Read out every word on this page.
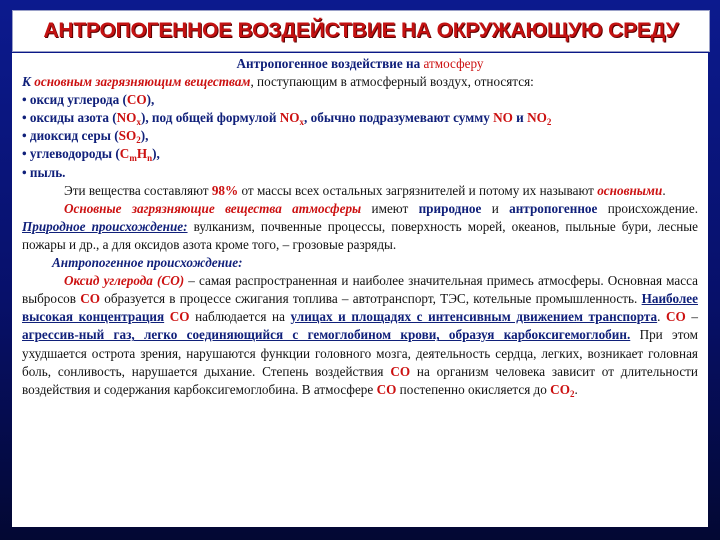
АНТРОПОГЕННОЕ ВОЗДЕЙСТВИЕ НА ОКРУЖАЮЩУЮ СРЕДУ

Антропогенное воздействие на атмосферу

К основным загрязняющим веществам, поступающим в атмосферный воздух, относятся:

• оксид углерода (CO),

• оксиды азота $(NO_x)$, под общей формулой $NO_x$, обычно подразумевают сумму NO и $NO_2$

• диоксид серы $(SO_2)$,

• углеводороды $(C_mH_n)$,

• пыль.

Эти вещества составляют 98% от массы всех остальных загрязнителей и потому их называют основными.

Основные загрязняющие вещества атмосферы имеют природное и антропогенное происхождение. Природное происхождение: вулканизм, почвенные процессы, поверхность морей, океанов, пыльные бури, лесные пожары и др., а для оксидов азота кроме того, – грозовые разряды.

Антропогенное происхождение:

Оксид углерода (CO) – самая распространенная и наиболее значительная примесь атмосферы. Основная масса выбросов CO образуется в процессе сжигания топлива – автотранспорт, ТЭС, котельные промышленность. Наиболее высокая концентрация CO наблюдается на улицах и площадях с интенсивным движением транспорта. CO – агрессив-ный газ, легко соединяющийся с гемоглобином крови, образуя карбоксигемоглобин. При этом ухудшается острота зрения, нарушаются функции головного мозга, деятельность сердца, легких, возникает головная боль, сонливость, нарушается дыхание. Степень воздействия CO на организм человека зависит от длительности воздействия и содержания карбоксигемоглобина. В атмосфере CO постепенно окисляется до $CO_2$.
